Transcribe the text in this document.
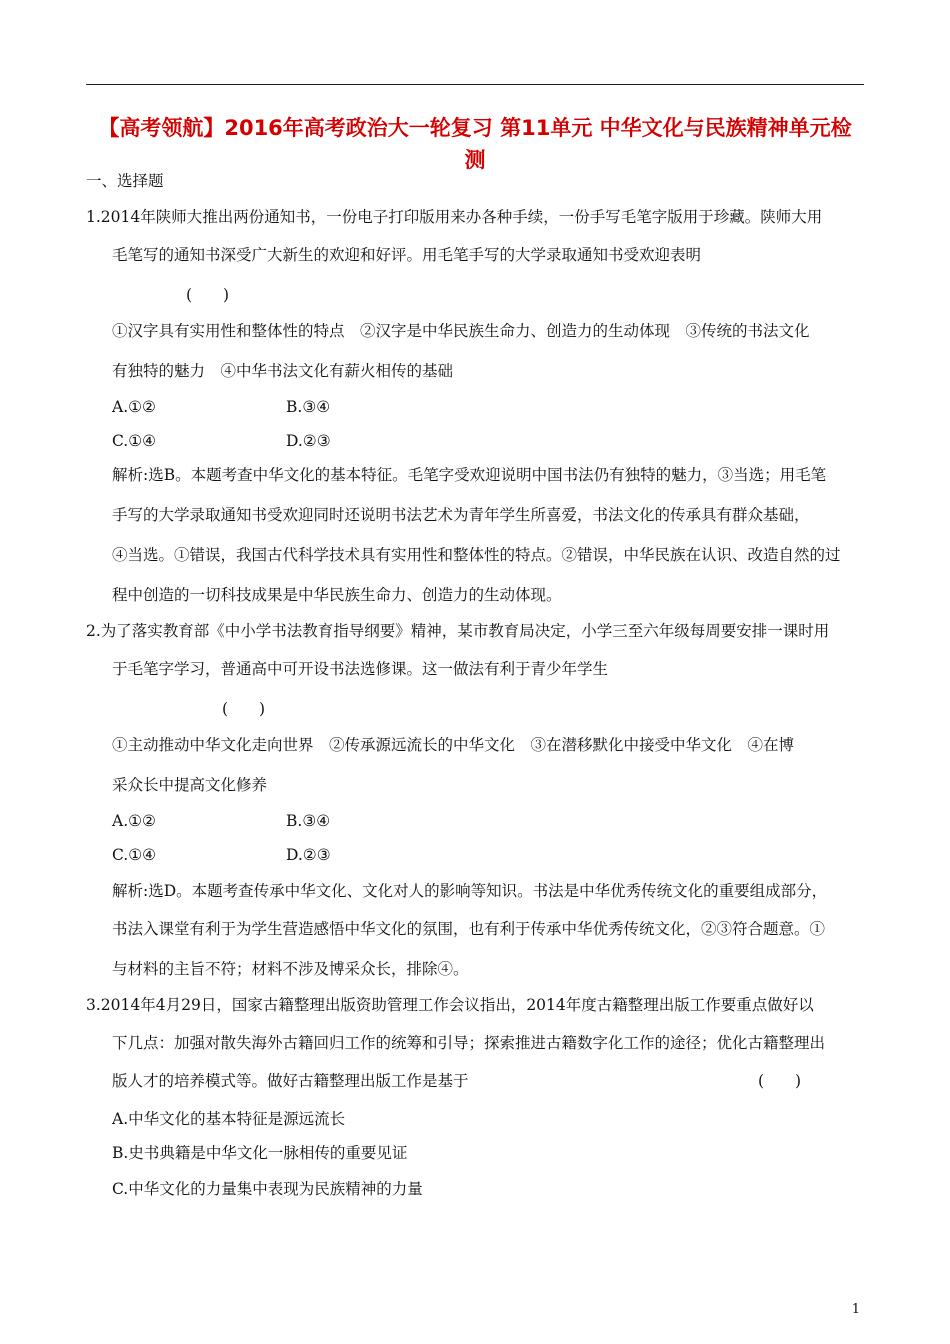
【高考领航】2016年高考政治大一轮复习 第11单元 中华文化与民族精神单元检
测
一、选择题
1.2014年陕师大推出两份通知书，一份电子打印版用来办各种手续，一份手写毛笔字版用于珍藏。陕师大用
毛笔写的通知书深受广大新生的欢迎和好评。用毛笔手写的大学录取通知书受欢迎表明
(　　)
①汉字具有实用性和整体性的特点　②汉字是中华民族生命力、创造力的生动体现　③传统的书法文化
有独特的魅力　④中华书法文化有薪火相传的基础
A.①②	B.③④
C.①④	D.②③
解析:选B。本题考查中华文化的基本特征。毛笔字受欢迎说明中国书法仍有独特的魅力，③当选；用毛笔
手写的大学录取通知书受欢迎同时还说明书法艺术为青年学生所喜爱，书法文化的传承具有群众基础，
④当选。①错误，我国古代科学技术具有实用性和整体性的特点。②错误，中华民族在认识、改造自然的过
程中创造的一切科技成果是中华民族生命力、创造力的生动体现。
2.为了落实教育部《中小学书法教育指导纲要》精神，某市教育局决定，小学三至六年级每周要安排一课时用
于毛笔字学习，普通高中可开设书法选修课。这一做法有利于青少年学生
(　　)
①主动推动中华文化走向世界　②传承源远流长的中华文化　③在潜移默化中接受中华文化　④在博
采众长中提高文化修养
A.①②	B.③④
C.①④	D.②③
解析:选D。本题考查传承中华文化、文化对人的影响等知识。书法是中华优秀传统文化的重要组成部分，
书法入课堂有利于为学生营造感悟中华文化的氛围，也有利于传承中华优秀传统文化，②③符合题意。①
与材料的主旨不符；材料不涉及博采众长，排除④。
3.2014年4月29日，国家古籍整理出版资助管理工作会议指出，2014年度古籍整理出版工作要重点做好以
下几点：加强对散失海外古籍回归工作的统筹和引导；探索推进古籍数字化工作的途径；优化古籍整理出
版人才的培养模式等。做好古籍整理出版工作是基于	(　　)
A.中华文化的基本特征是源远流长
B.史书典籍是中华文化一脉相传的重要见证
C.中华文化的力量集中表现为民族精神的力量
1
